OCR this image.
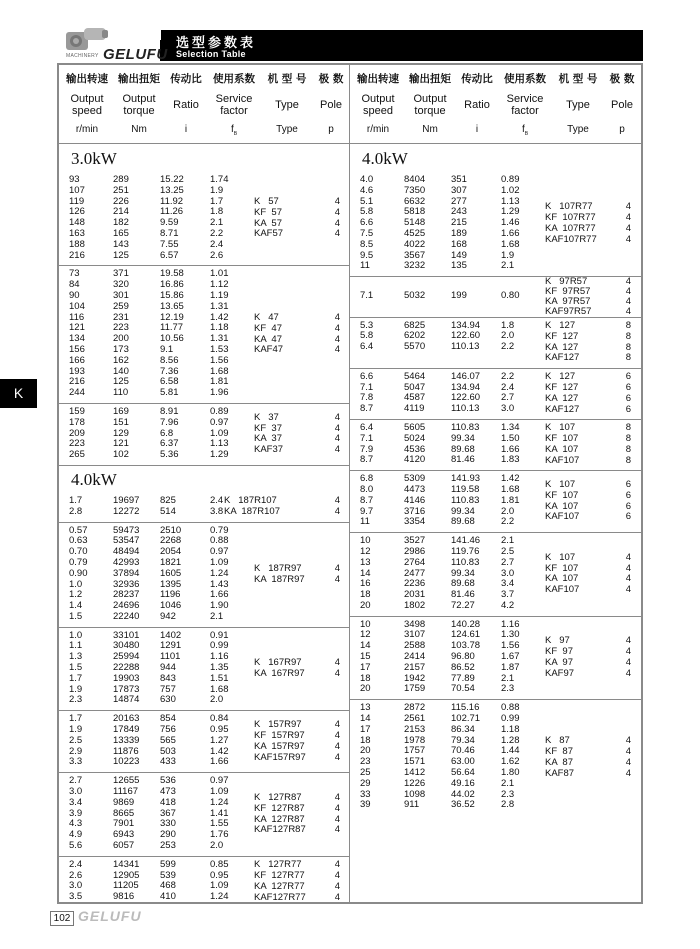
MACHINERY GELUFU
选型参数表
Selection Table
K
输出转速
Output speed
r/min
输出扭矩
Output torque
Nm
传动比
Ratio
i
使用系数
Service factor
$f_B$
机 型 号
Type
Type
极 数
Pole
p
3.0kW
93	289	15.22	1.74
107	251	13.25	1.9
119	226	11.92	1.7
126	214	11.26	1.8
148	182	9.59	2.1
163	165	8.71	2.2
188	143	7.55	2.4
216	125	6.57	2.6
K   57	4
KF  57	4
KA  57	4
KAF57	4
73	371	19.58	1.01
84	320	16.86	1.12
90	301	15.86	1.19
104	259	13.65	1.31
116	231	12.19	1.42
121	223	11.77	1.18
134	200	10.56	1.31
156	173	9.1	1.53
166	162	8.56	1.56
193	140	7.36	1.68
216	125	6.58	1.81
244	110	5.81	1.96
K   47	4
KF  47	4
KA  47	4
KAF47	4
159	169	8.91	0.89
178	151	7.96	0.97
209	129	6.8	1.09
223	121	6.37	1.13
265	102	5.36	1.29
K   37	4
KF  37	4
KA  37	4
KAF37	4
4.0kW
1.7	19697 825	2.4
2.8	12272 514	3.8
K   187R107	4
KA  187R107	4
0.57	59473 2510	0.79
0.63	53547 2268	0.88
0.70	48494 2054	0.97
0.79	42993 1821	1.09
0.90	37894 1605	1.24
1.0	32936 1395	1.43
1.2	28237 1196	1.66
1.4	24696 1046	1.90
1.5	22240 942	2.1
K   187R97	4
KA  187R97	4
1.0	33101 1402	0.91
1.1	30480 1291	0.99
1.3	25994 1101	1.16
1.5	22288 944	1.35
1.7	19903 843	1.51
1.9	17873 757	1.68
2.3	14874 630	2.0
K   167R97	4
KA  167R97	4
1.7	20163 854	0.84
1.9	17849 756	0.95
2.5	13339 565	1.27
2.9	11876 503	1.42
3.3	10223 433	1.66
K   157R97	4
KF  157R97	4
KA  157R97	4
KAF157R97	4
2.7	12655 536	0.97
3.0	11167 473	1.09
3.4	9869	418	1.24
3.9	8665	367	1.41
4.3	7901	330	1.55
4.9	6943	290	1.76
5.6	6057	253	2.0
K   127R87	4
KF  127R87	4
KA  127R87	4
KAF127R87	4
2.4	14341 599	0.85
2.6	12905 539	0.95
3.0	11205 468	1.09
3.5	9816	410	1.24
K   127R77	4
KF  127R77	4
KA  127R77	4
KAF127R77	4
输出转速
Output speed
r/min
输出扭矩
Output torque
Nm
传动比
Ratio
i
使用系数
Service factor
$f_B$
机 型 号
Type
Type
极 数
Pole
p
4.0kW
4.0	8404	351	0.89
4.6	7350	307	1.02
5.1	6632	277	1.13
5.8	5818	243	1.29
6.6	5148	215	1.46
7.5	4525	189	1.66
8.5	4022	168	1.68
9.5	3567	149	1.9
11	3232	135	2.1
K   107R77	4
KF  107R77	4
KA  107R77	4
KAF107R77	4
7.1	5032	199	0.80
K   97R57	4
KF  97R57	4
KA  97R57	4
KAF97R57	4
5.3	6825	134.94 1.8
5.8	6202	122.60 2.0
6.4	5570	110.13 2.2
K   127	8
KF  127	8
KA  127	8
KAF127	8
6.6	5464	146.07 2.2
7.1	5047	134.94 2.4
7.8	4587	122.60 2.7
8.7	4119	110.13 3.0
K   127	6
KF  127	6
KA  127	6
KAF127	6
6.4	5605	110.83 1.34
7.1	5024	99.34	1.50
7.9	4536	89.68	1.66
8.7	4120	81.46	1.83
K   107	8
KF  107	8
KA  107	8
KAF107	8
6.8	5309	141.93 1.42
8.0	4473	119.58 1.68
8.7	4146	110.83 1.81
9.7	3716	99.34	2.0
11	3354	89.68	2.2
K   107	6
KF  107	6
KA  107	6
KAF107	6
10	3527	141.46 2.1
12	2986	119.76 2.5
13	2764	110.83 2.7
14	2477	99.34	3.0
16	2236	89.68	3.4
18	2031	81.46	3.7
20	1802	72.27	4.2
K   107	4
KF  107	4
KA  107	4
KAF107	4
10	3498	140.28 1.16
12	3107	124.61 1.30
14	2588	103.78 1.56
15	2414	96.80	1.67
17	2157	86.52	1.87
18	1942	77.89	2.1
20	1759	70.54	2.3
K   97	4
KF  97	4
KA  97	4
KAF97	4
13	2872	115.16 0.88
14	2561	102.71 0.99
17	2153	86.34	1.18
18	1978	79.34	1.28
20	1757	70.46	1.44
23	1571	63.00	1.62
25	1412	56.64	1.80
29	1226	49.16	2.1
33	1098	44.02	2.3
39	911	36.52	2.8
K   87	4
KF  87	4
KA  87	4
KAF87	4
102 GELUFU
